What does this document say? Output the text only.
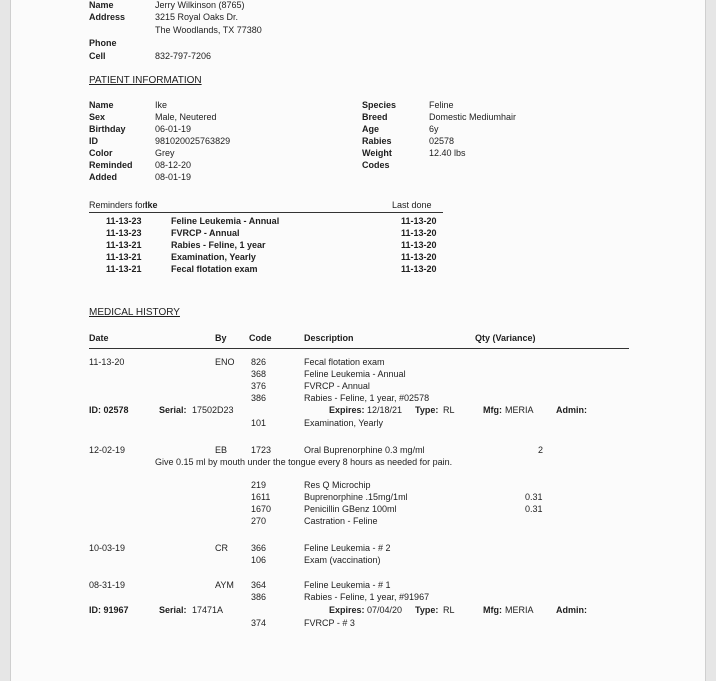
Name	Jerry Wilkinson (8765)
Address	3215 Royal Oaks Dr.
The Woodlands, TX 77380
Phone
Cell	832-797-7206
PATIENT INFORMATION
Name	Ike
Sex	Male, Neutered
Birthday	06-01-19
ID	981020025763829
Color	Grey
Reminded 08-12-20
Added	08-01-19
Species	Feline
Breed	Domestic Mediumhair
Age	6y
Rabies	02578
Weight	12.40 lbs
Codes
Reminders for:
Ike	Last done
11-13-23	Feline Leukemia - Annual	11-13-20
11-13-23	FVRCP - Annual	11-13-20
11-13-21	Rabies - Feline, 1 year	11-13-20
11-13-21	Examination, Yearly	11-13-20
11-13-21	Fecal flotation exam	11-13-20
MEDICAL HISTORY
Date	By Code	Description	Qty (Variance)
11-13-20	ENO 826	Fecal flotation exam
368	Feline Leukemia - Annual
376	FVRCP - Annual
386	Rabies - Feline, 1 year, #02578
ID: 02578	Serial: 17502D23	Expires: 12/18/21 Type: RL	Mfg: MERIA Admin:
101	Examination, Yearly
12-02-19	EB	1723	Oral Buprenorphine 0.3 mg/ml	2
Give 0.15 ml by mouth under the tongue every 8 hours as needed for pain.
219	Res Q Microchip
1611	Buprenorphine .15mg/1ml	0.31
1670	Penicillin GBenz 100ml	0.31
270	Castration - Feline
10-03-19	CR	366	Feline Leukemia - # 2
106	Exam (vaccination)
08-31-19	AYM 364	Feline Leukemia - # 1
386	Rabies - Feline, 1 year, #91967
ID: 91967	Serial: 17471A	Expires: 07/04/20 Type: RL	Mfg: MERIA Admin:
374	FVRCP - # 3
